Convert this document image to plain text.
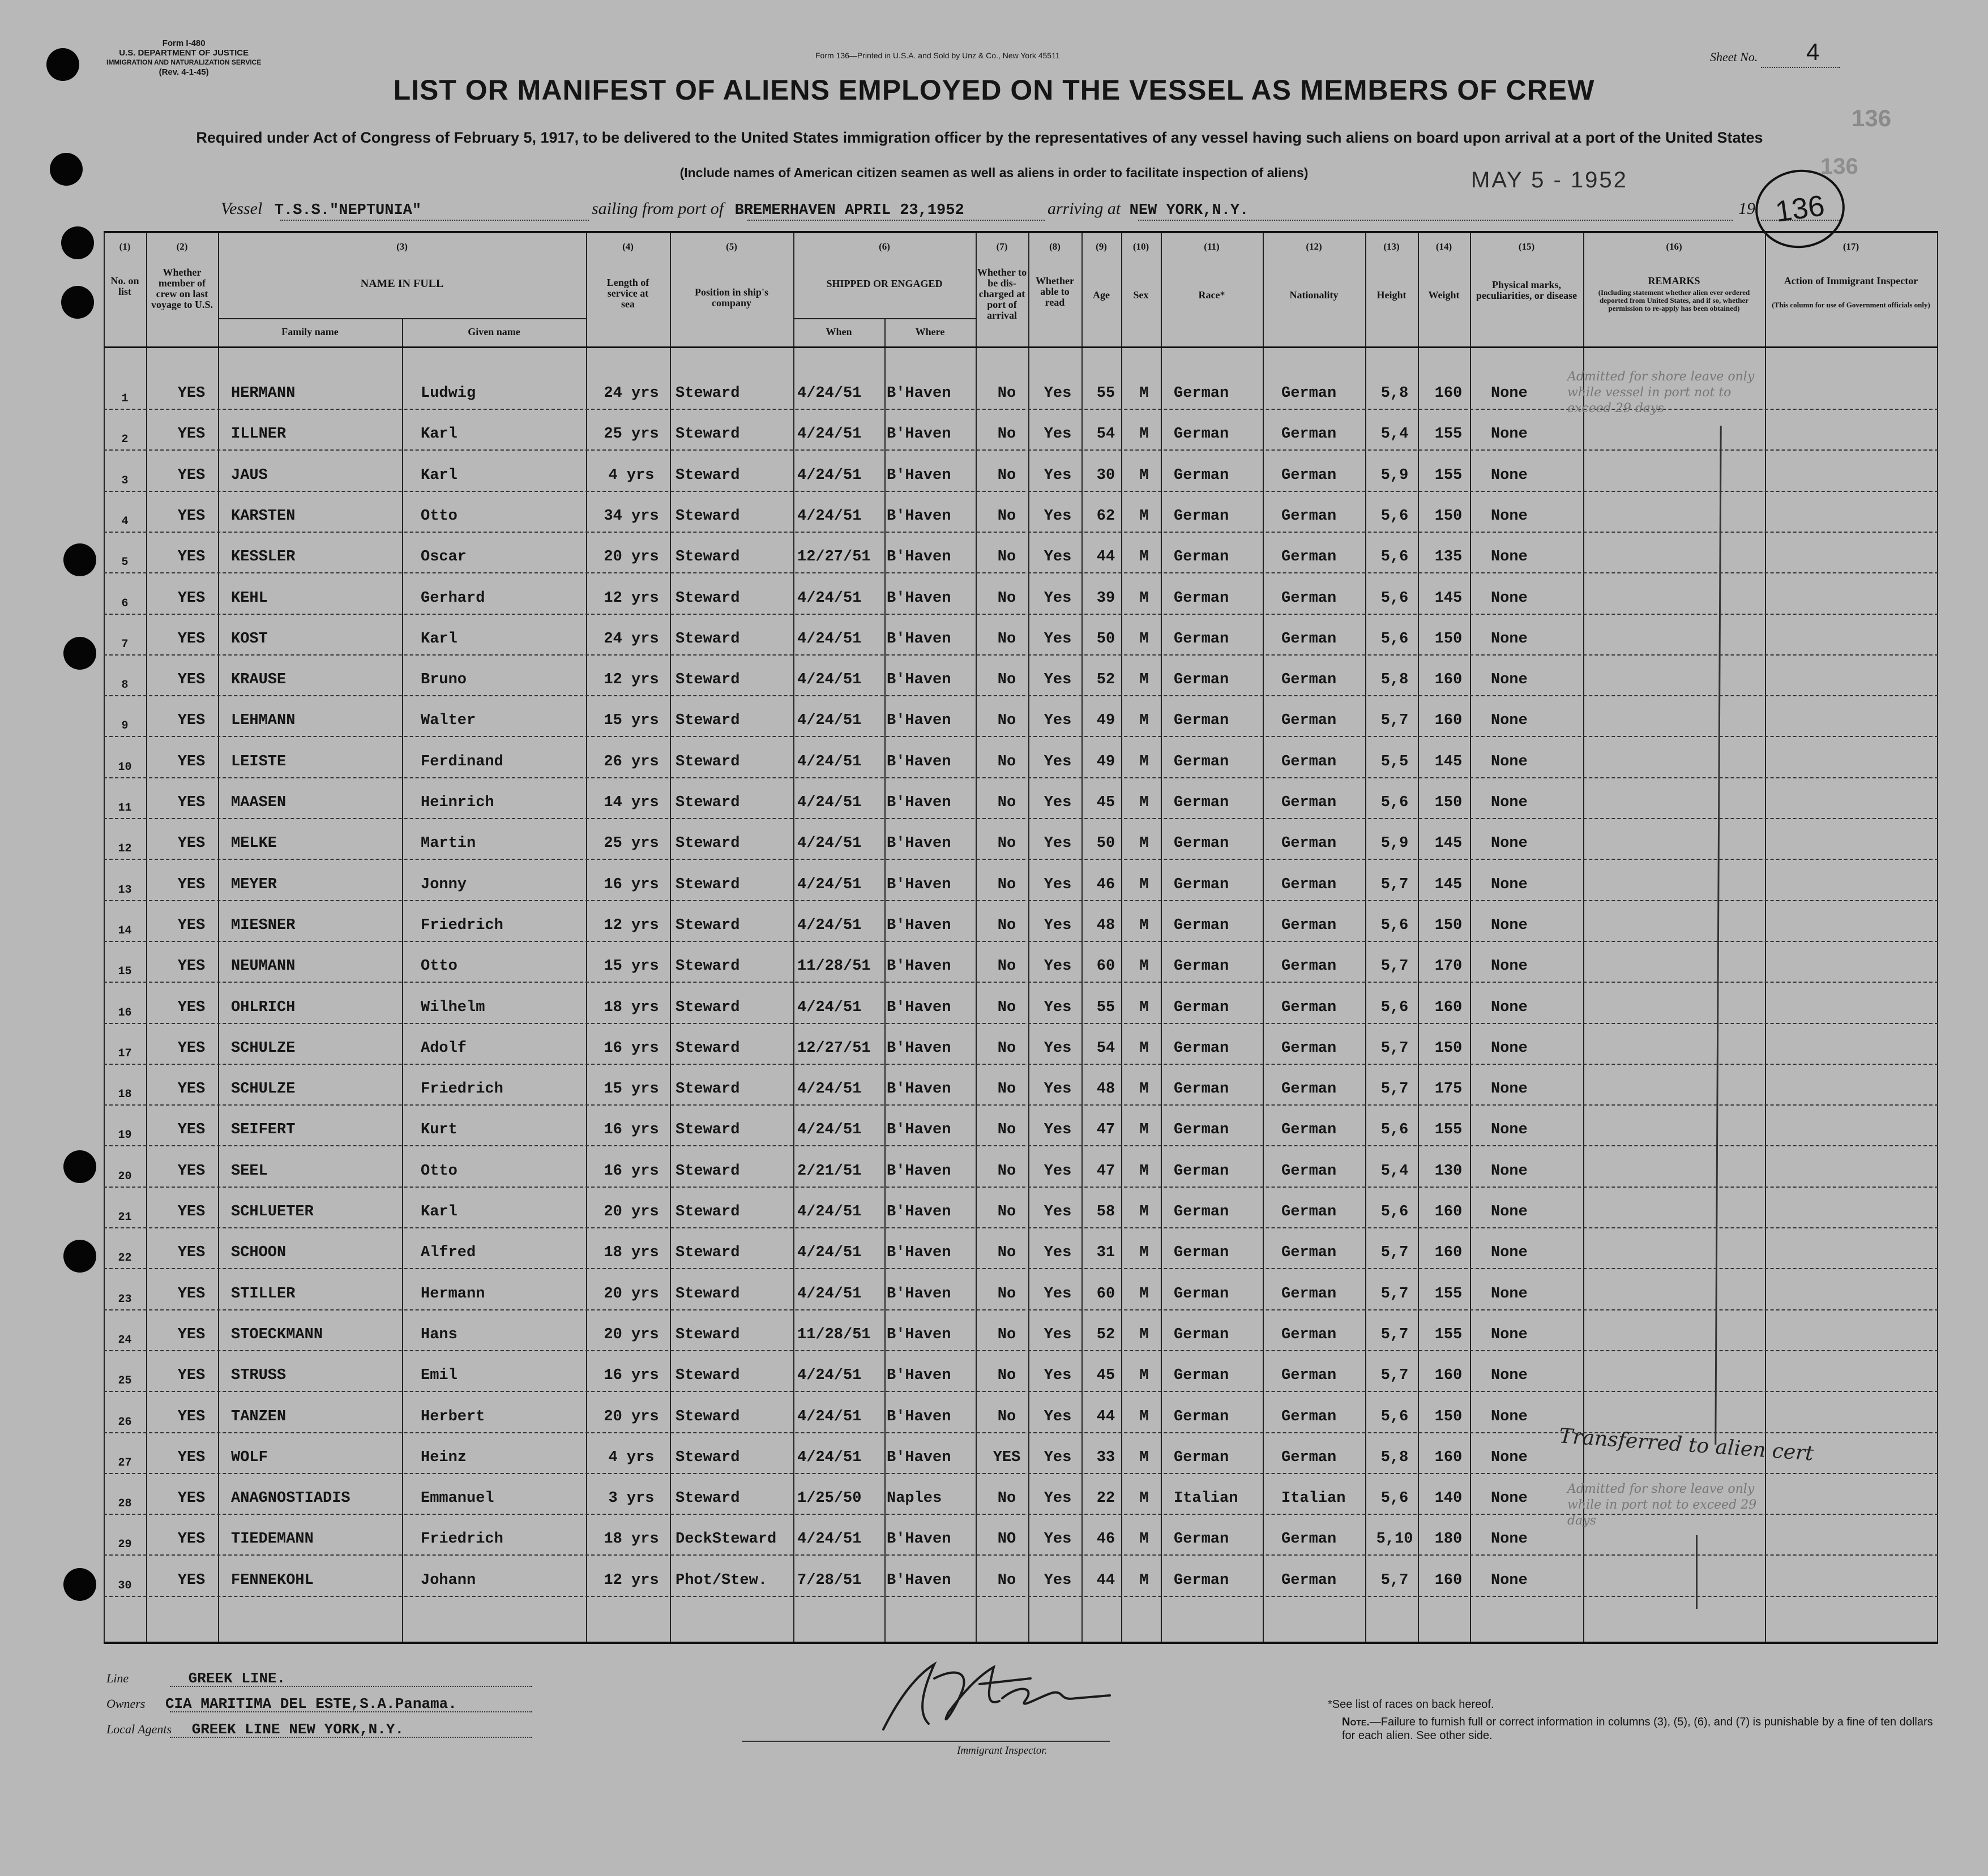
Form I-480
U.S. DEPARTMENT OF JUSTICE
IMMIGRATION AND NATURALIZATION SERVICE
(Rev. 4-1-45)
Form 136—Printed in U.S.A. and Sold by Unz & Co., New York 45511	Sheet No. 4
LIST OR MANIFEST OF ALIENS EMPLOYED ON THE VESSEL AS MEMBERS OF CREW
136
136
Required under Act of Congress of February 5, 1917, to be delivered to the United States immigration officer by the representatives of any vessel having such aliens on board upon arrival at a port of the United States
(Include names of American citizen seamen as well as aliens in order to facilitate inspection of aliens)	MAY 5 - 1952
Vessel T.S.S."NEPTUNIA"	sailing from port of BREMERHAVEN APRIL 23,1952	arriving at NEW YORK,N.Y.	19 136
(1)	(2)	(3)	(4)	(5)	(6)	(7)	(8)	(9)	(10)	(11)	(12)	(13)	(14)	(15)	(16)	(17)
No. on list
Whether member of crew on last voyage to U.S.
NAME IN FULL
Family name	Given name
Length of service at sea
Position in ship's company
SHIPPED OR ENGAGED
When	Where
Whether to be dis-charged at port of arrival
Whether able to read
Age	Sex	Race*	Nationality	Height	Weight
Physical marks, peculiarities, or disease
REMARKS
(Including statement whether alien ever ordered deported from United States, and if so, whether permission to re-apply has been obtained)
Action of Immigrant Inspector
(This column for use of Government officials only)
1	YES	HERMANN	Ludwig	24 yrs	Steward	4/24/51	B'Haven	No	Yes	55	M	German	German	5,8	160	None
2	YES	ILLNER	Karl	25 yrs	Steward	4/24/51	B'Haven	No	Yes	54	M	German	German	5,4	155	None
3	YES	JAUS	Karl	4 yrs	Steward	4/24/51	B'Haven	No	Yes	30	M	German	German	5,9	155	None
4	YES	KARSTEN	Otto	34 yrs	Steward	4/24/51	B'Haven	No	Yes	62	M	German	German	5,6	150	None
5	YES	KESSLER	Oscar	20 yrs	Steward	12/27/51	B'Haven	No	Yes	44	M	German	German	5,6	135	None
6	YES	KEHL	Gerhard	12 yrs	Steward	4/24/51	B'Haven	No	Yes	39	M	German	German	5,6	145	None
7	YES	KOST	Karl	24 yrs	Steward	4/24/51	B'Haven	No	Yes	50	M	German	German	5,6	150	None
8	YES	KRAUSE	Bruno	12 yrs	Steward	4/24/51	B'Haven	No	Yes	52	M	German	German	5,8	160	None
9	YES	LEHMANN	Walter	15 yrs	Steward	4/24/51	B'Haven	No	Yes	49	M	German	German	5,7	160	None
10	YES	LEISTE	Ferdinand	26 yrs	Steward	4/24/51	B'Haven	No	Yes	49	M	German	German	5,5	145	None
11	YES	MAASEN	Heinrich	14 yrs	Steward	4/24/51	B'Haven	No	Yes	45	M	German	German	5,6	150	None
12	YES	MELKE	Martin	25 yrs	Steward	4/24/51	B'Haven	No	Yes	50	M	German	German	5,9	145	None
13	YES	MEYER	Jonny	16 yrs	Steward	4/24/51	B'Haven	No	Yes	46	M	German	German	5,7	145	None
14	YES	MIESNER	Friedrich	12 yrs	Steward	4/24/51	B'Haven	No	Yes	48	M	German	German	5,6	150	None
15	YES	NEUMANN	Otto	15 yrs	Steward	11/28/51	B'Haven	No	Yes	60	M	German	German	5,7	170	None
16	YES	OHLRICH	Wilhelm	18 yrs	Steward	4/24/51	B'Haven	No	Yes	55	M	German	German	5,6	160	None
17	YES	SCHULZE	Adolf	16 yrs	Steward	12/27/51	B'Haven	No	Yes	54	M	German	German	5,7	150	None
18	YES	SCHULZE	Friedrich	15 yrs	Steward	4/24/51	B'Haven	No	Yes	48	M	German	German	5,7	175	None
19	YES	SEIFERT	Kurt	16 yrs	Steward	4/24/51	B'Haven	No	Yes	47	M	German	German	5,6	155	None
20	YES	SEEL	Otto	16 yrs	Steward	2/21/51	B'Haven	No	Yes	47	M	German	German	5,4	130	None
21	YES	SCHLUETER	Karl	20 yrs	Steward	4/24/51	B'Haven	No	Yes	58	M	German	German	5,6	160	None
22	YES	SCHOON	Alfred	18 yrs	Steward	4/24/51	B'Haven	No	Yes	31	M	German	German	5,7	160	None
23	YES	STILLER	Hermann	20 yrs	Steward	4/24/51	B'Haven	No	Yes	60	M	German	German	5,7	155	None
24	YES	STOECKMANN	Hans	20 yrs	Steward	11/28/51	B'Haven	No	Yes	52	M	German	German	5,7	155	None
25	YES	STRUSS	Emil	16 yrs	Steward	4/24/51	B'Haven	No	Yes	45	M	German	German	5,7	160	None
26	YES	TANZEN	Herbert	20 yrs	Steward	4/24/51	B'Haven	No	Yes	44	M	German	German	5,6	150	None
27	YES	WOLF	Heinz	4 yrs	Steward	4/24/51	B'Haven	YES	Yes	33	M	German	German	5,8	160	None
28	YES	ANAGNOSTIADIS	Emmanuel	3 yrs	Steward	1/25/50	Naples	No	Yes	22	M	Italian	Italian	5,6	140	None
29	YES	TIEDEMANN	Friedrich	18 yrs	DeckSteward	4/24/51	B'Haven	NO	Yes	46	M	German	German	5,10	180	None
30	YES	FENNEKOHL	Johann	12 yrs	Phot/Stew.	7/28/51	B'Haven	No	Yes	44	M	German	German	5,7	160	None
Admitted for shore leave only while vessel in port not to exceed 29 days
Transferred to alien cert
Admitted for shore leave only while in port not to exceed 29 days
Line	GREEK LINE.
Owners CIA MARITIMA DEL ESTE,S.A.Panama.
Local Agents GREEK LINE NEW YORK,N.Y.
Immigrant Inspector.
*See list of races on back hereof.
Note.—Failure to furnish full or correct information in columns (3), (5), (6), and (7) is punishable by a fine of ten dollars for each alien. See other side.
